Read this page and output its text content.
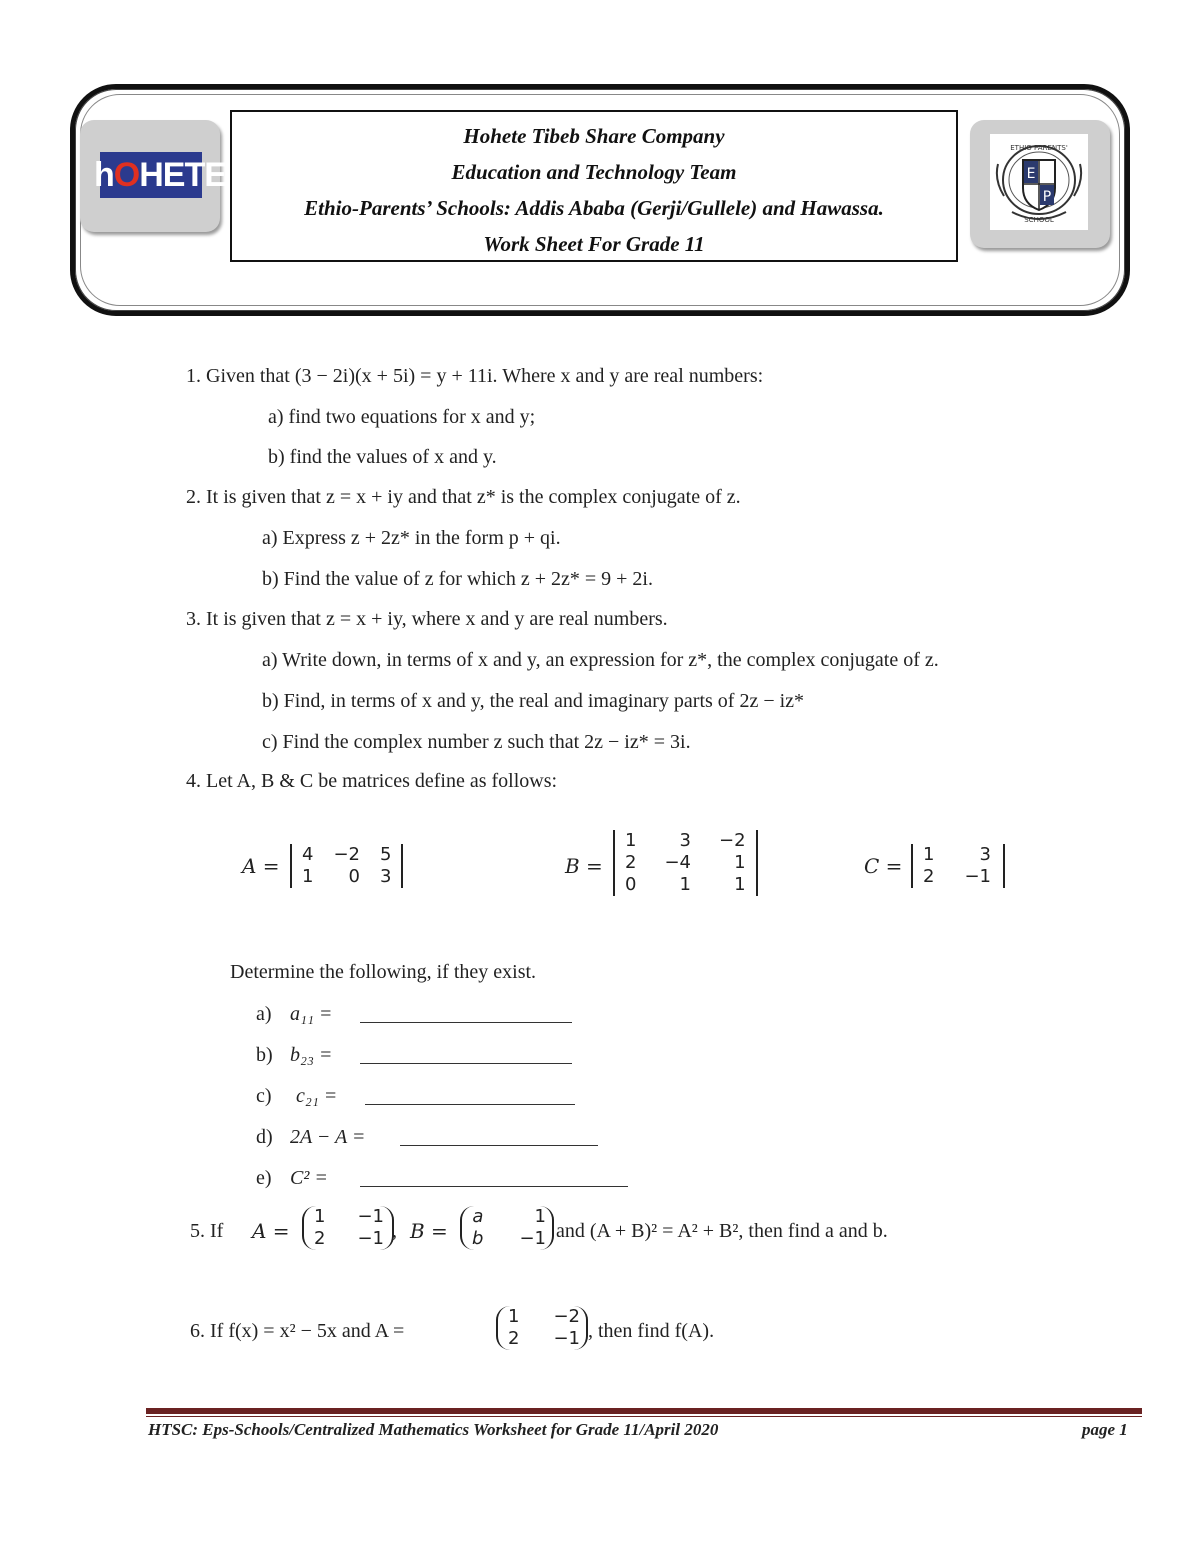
hOHETE	E
P
ETHIO PARENTS'
SCHOOL
Hohete Tibeb Share Company
Education and Technology Team
Ethio-Parents’ Schools: Addis Ababa (Gerji/Gullele) and Hawassa.
Work Sheet For Grade 11
1. Given that (3 − 2i)(x + 5i) = y + 11i. Where x and y are real numbers:
a) find two equations for x and y;
b) find the values of x and y.
2. It is given that z = x + iy and that z* is the complex conjugate of z.
a) Express z + 2z* in the form p + qi.
b) Find the value of z for which z + 2z* = 9 + 2i.
3. It is given that z = x + iy, where x and y are real numbers.
a) Write down, in terms of x and y, an expression for z*, the complex conjugate of z.
b) Find, in terms of x and y, the real and imaginary parts of 2z − iz*
c) Find the complex number z such that 2z − iz* = 3i.
4. Let A, B & C be matrices define as follows:
A = 4	−2	5
1	0	3	B =
1	3	−2
2	−4	1
0	1	1
C = 1	3
2	−1
Determine the following, if they exist.
a) a₁₁ =
b) b₂₃ =
c) c₂₁ =
d) 2A − A =
e) C² =
5. If A =
1	−1
2	−1 , B =
a	1
b	−1 and (A + B)² = A² + B², then find a and b.
6. If f(x) = x² − 5x and A =
1	−2
2	−1 , then find f(A).
HTSC: Eps-Schools/Centralized Mathematics Worksheet for Grade 11/April 2020	page 1
